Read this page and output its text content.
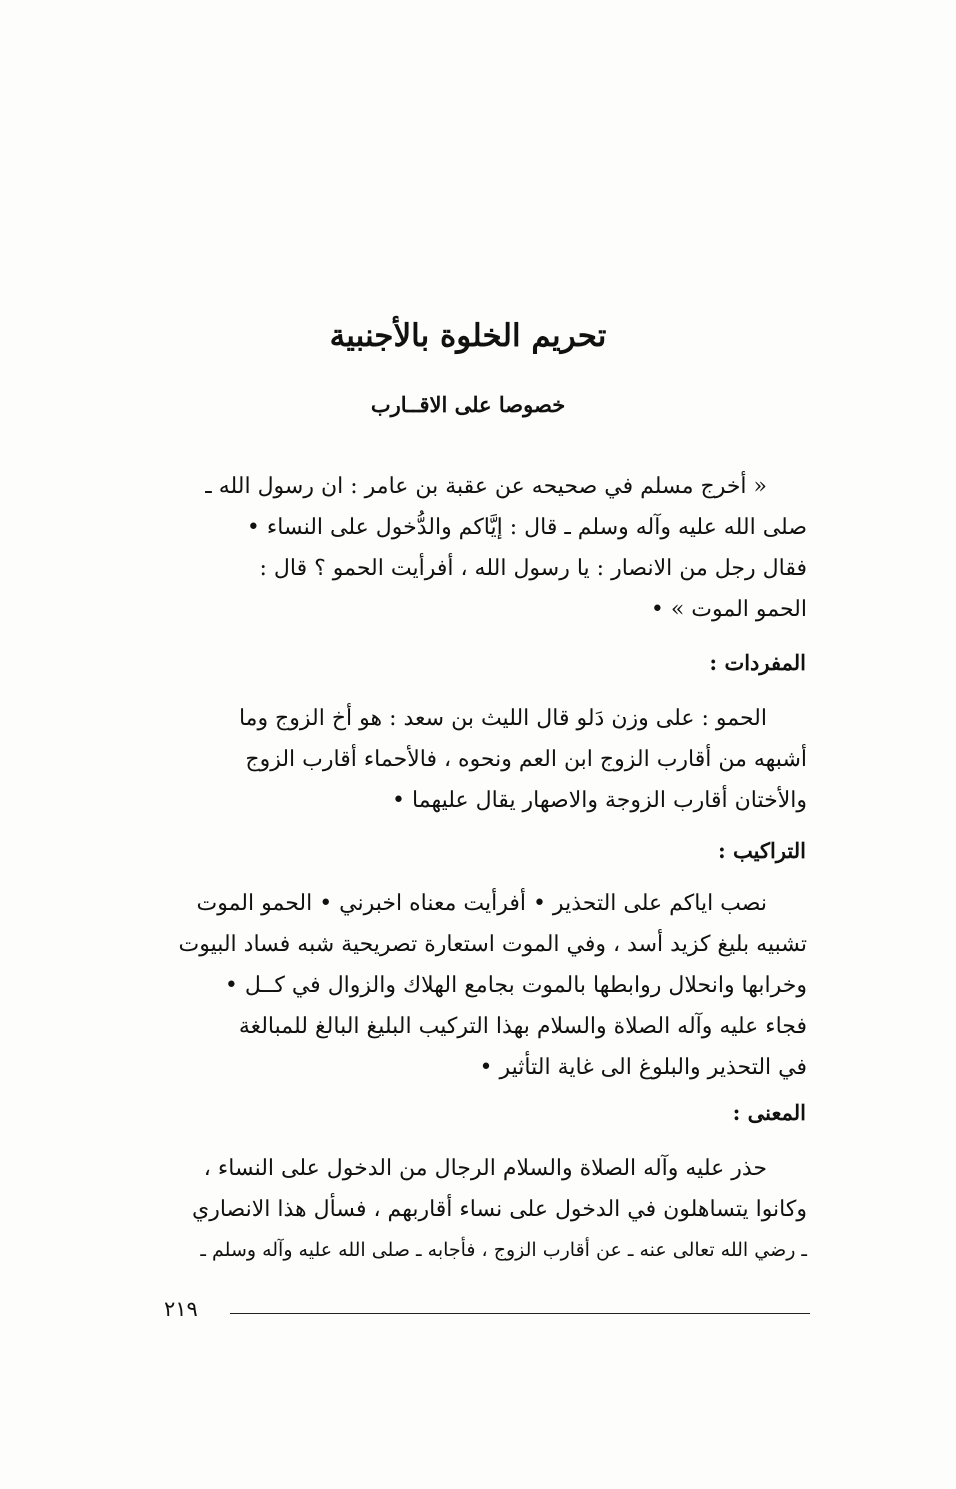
تحريم الخلوة بالأجنبية
خصوصا على الاقــارب
« أخرج مسلم في صحيحه عن عقبة بن عامر : ان رسول الله ـ
صلى الله عليه وآله وسلم ـ قال : إيَّاكم والدُّخول على النساء •
فقال رجل من الانصار : يا رسول الله ، أفرأيت الحمو ؟ قال :
الحمو الموت » •
المفردات :
الحمو : على وزن دَلو قال الليث بن سعد : هو أخ الزوج وما
أشبهه من أقارب الزوج ابن العم ونحوه ، فالأحماء أقارب الزوج
والأختان أقارب الزوجة والاصهار يقال عليهما •
التراكيب :
نصب اياكم على التحذير • أفرأيت معناه اخبرني • الحمو الموت
تشبيه بليغ كزيد أسد ، وفي الموت استعارة تصريحية شبه فساد البيوت
وخرابها وانحلال روابطها بالموت بجامع الهلاك والزوال في كــل •
فجاء عليه وآله الصلاة والسلام بهذا التركيب البليغ البالغ للمبالغة
في التحذير والبلوغ الى غاية التأثير •
المعنى :
حذر عليه وآله الصلاة والسلام الرجال من الدخول على النساء ،
وكانوا يتساهلون في الدخول على نساء أقاربهم ، فسأل هذا الانصاري
ـ رضي الله تعالى عنه ـ عن أقارب الزوج ، فأجابه ـ صلى الله عليه وآله وسلم ـ
٢١٩
